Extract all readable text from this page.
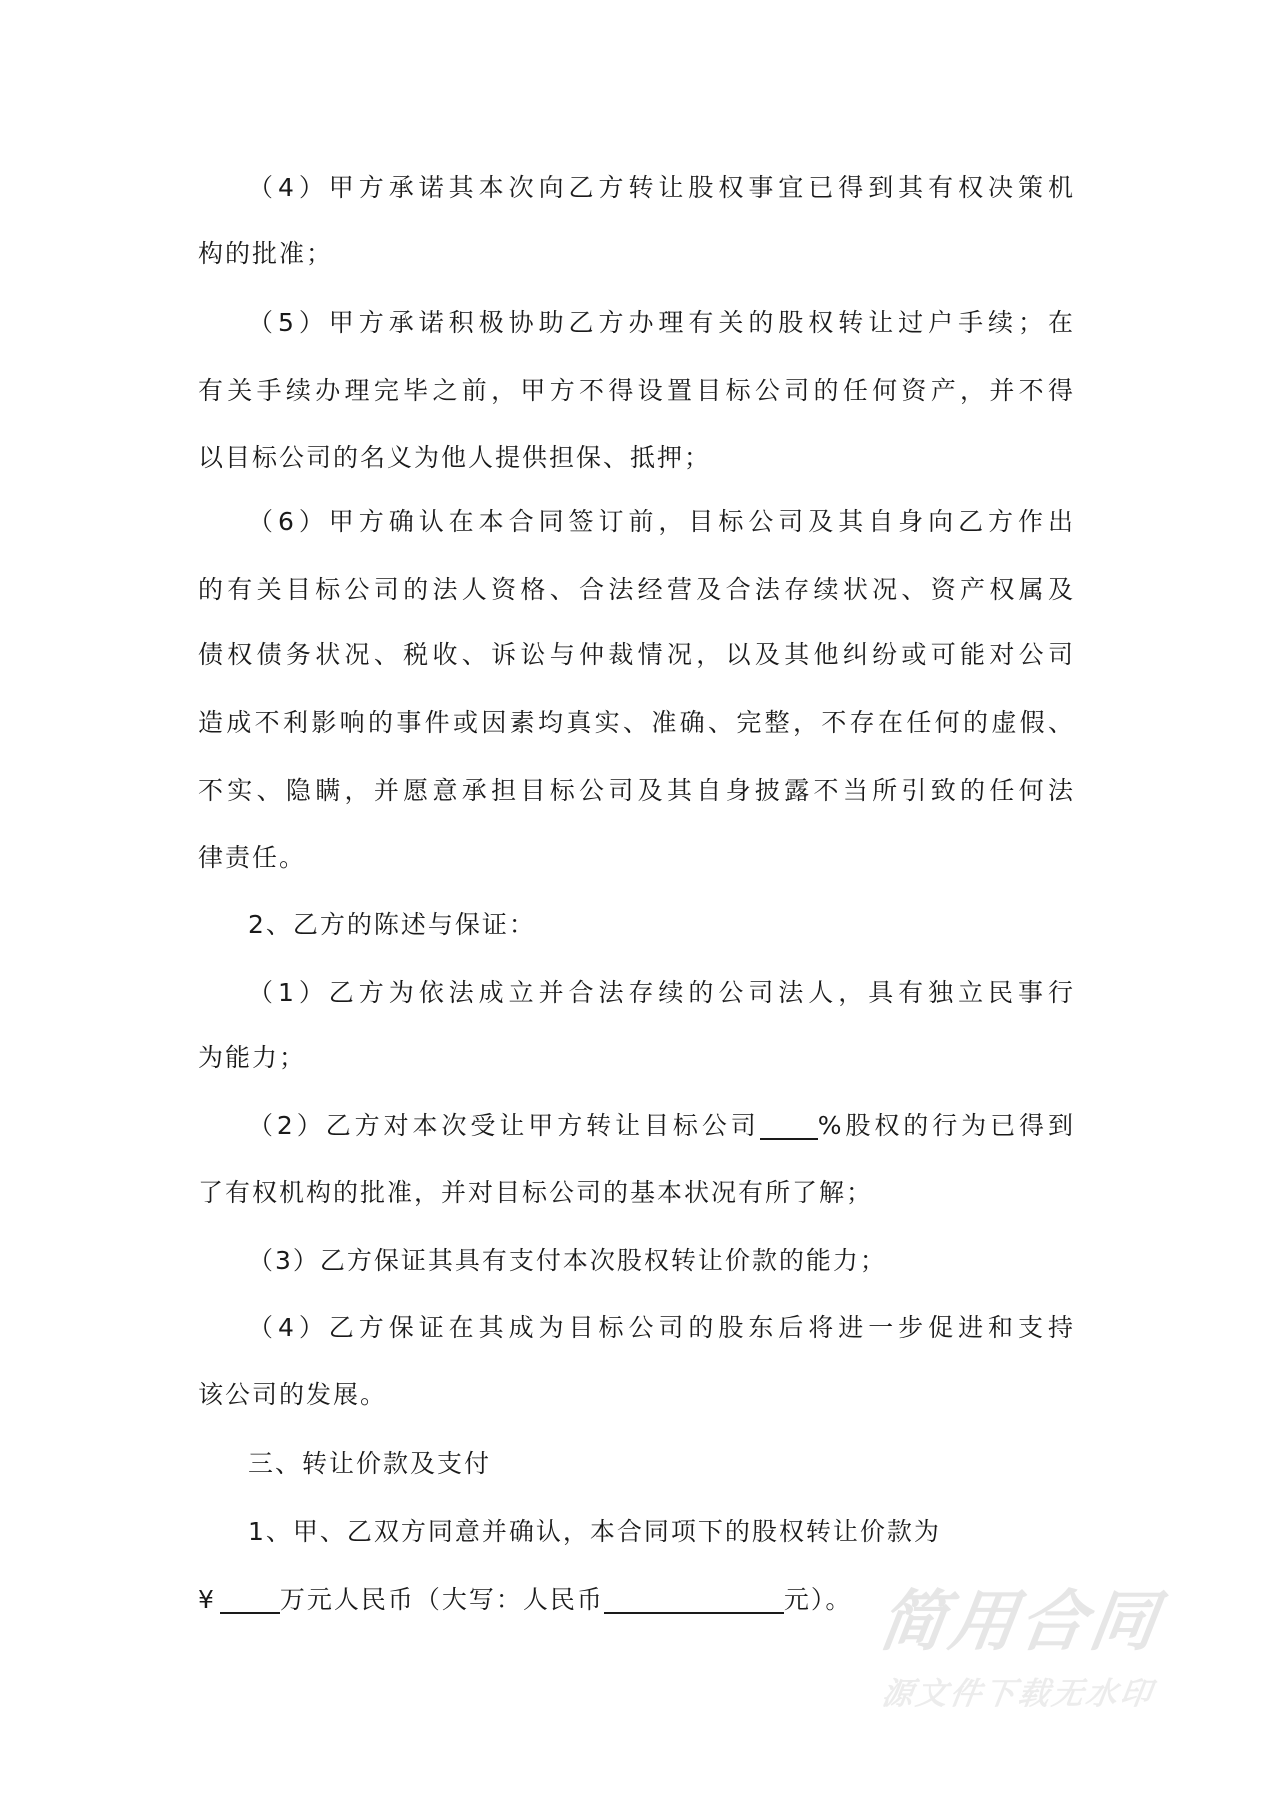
（4）甲方承诺其本次向乙方转让股权事宜已得到其有权决策机
构的批准；
（5）甲方承诺积极协助乙方办理有关的股权转让过户手续；在
有关手续办理完毕之前，甲方不得设置目标公司的任何资产，并不得
以目标公司的名义为他人提供担保、抵押；
（6）甲方确认在本合同签订前，目标公司及其自身向乙方作出
的有关目标公司的法人资格、合法经营及合法存续状况、资产权属及
债权债务状况、税收、诉讼与仲裁情况，以及其他纠纷或可能对公司
造成不利影响的事件或因素均真实、准确、完整，不存在任何的虚假、
不实、隐瞒，并愿意承担目标公司及其自身披露不当所引致的任何法
律责任。
2、乙方的陈述与保证：
（1）乙方为依法成立并合法存续的公司法人，具有独立民事行
为能力；
（2）乙方对本次受让甲方转让目标公司 %股权的行为已得到
了有权机构的批准，并对目标公司的基本状况有所了解；
（3）乙方保证其具有支付本次股权转让价款的能力；
（4）乙方保证在其成为目标公司的股东后将进一步促进和支持
该公司的发展。
三、转让价款及支付
1、甲、乙双方同意并确认，本合同项下的股权转让价款为
¥	万元人民币（大写：人民币	元）。 简用合同
源文件下载无水印
